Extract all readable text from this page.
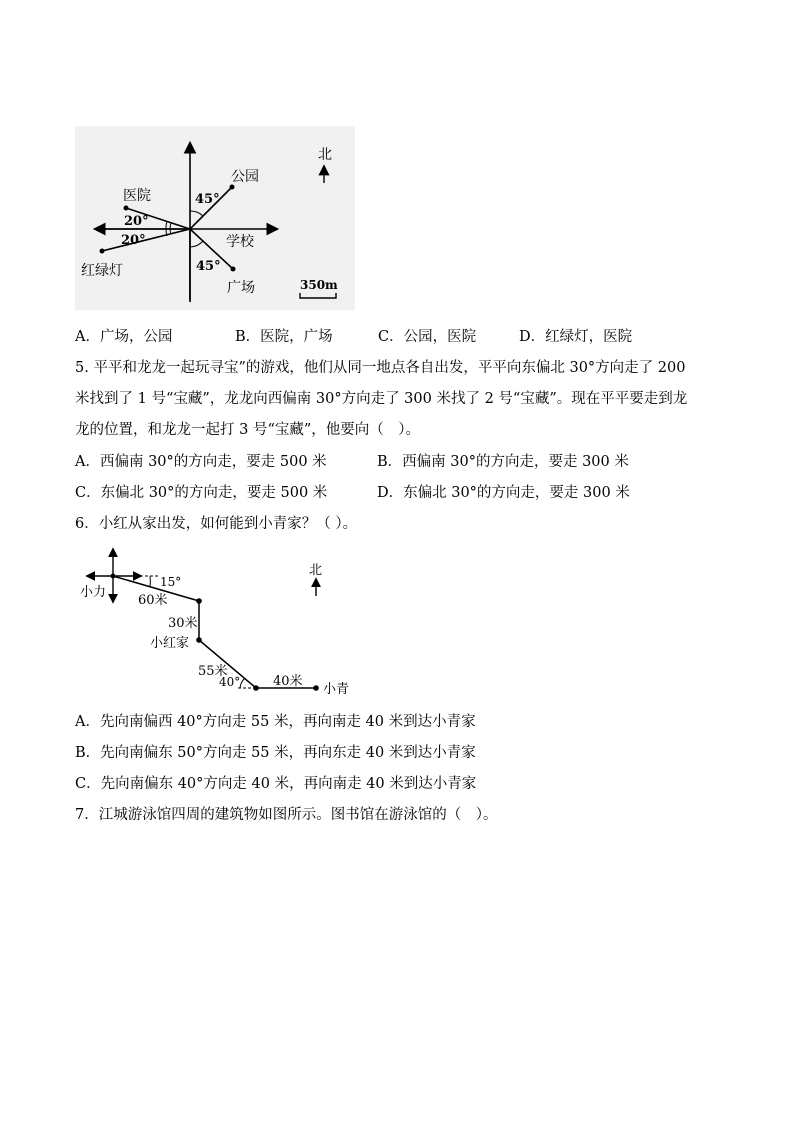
公园
医院
学校
红绿灯
广场
45°
20°
20°
45°
北
350m
A．广场，公园	B．医院，广场	C．公园，医院	D．红绿灯，医院
5. 平平和龙龙一起玩寻宝”的游戏，他们从同一地点各自出发，平平向东偏北 30°方向走了 200
米找到了 1 号“宝藏”，龙龙向西偏南 30°方向走了 300 米找了 2 号“宝藏”。现在平平要走到龙
龙的位置，和龙龙一起打 3 号“宝藏”，他要向（　）。
A．西偏南 30°的方向走，要走 500 米	B．西偏南 30°的方向走，要走 300 米
C．东偏北 30°的方向走，要走 500 米	D．东偏北 30°的方向走，要走 300 米
6．小红从家出发，如何能到小青家？（ ）。
小力
15°
60米
30米
小红家
55米
40°	40米
小青
北
A．先向南偏西 40°方向走 55 米，再向南走 40 米到达小青家
B．先向南偏东 50°方向走 55 米，再向东走 40 米到达小青家
C．先向南偏东 40°方向走 40 米，再向南走 40 米到达小青家
7．江城游泳馆四周的建筑物如图所示。图书馆在游泳馆的（　）。
